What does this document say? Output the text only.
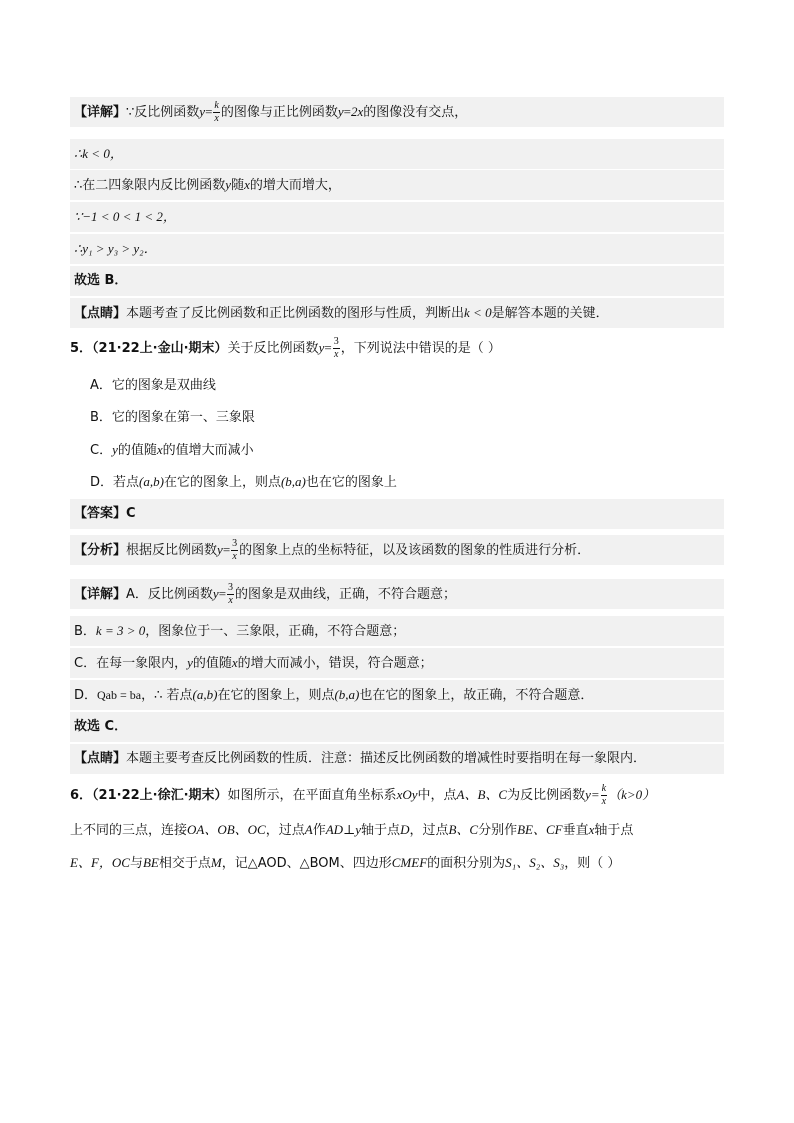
【详解】∵反比例函数$y= \frac{k}{x}$ 的图像与正比例函数y=2x的图像没有交点，
∴k < 0，
∴在二四象限内反比例函数y随x的增大而增大，
∵−1 < 0 < 1 < 2，
∴y₁ > y₃ > y₂．
故选 B．
【点睛】本题考查了反比例函数和正比例函数的图形与性质，判断出k < 0是解答本题的关键．
5．（21·22上·金山·期末）关于反比例函数$y= \frac{3}{x}$ ，下列说法中错误的是（ ）
A．它的图象是双曲线
B．它的图象在第一、三象限
C．y的值随x的值增大而减小
D．若点(a,b)在它的图象上，则点(b,a)也在它的图象上
【答案】C
【分析】根据反比例函数$y= \frac{3}{x}$ 的图象上点的坐标特征，以及该函数的图象的性质进行分析．
【详解】A．反比例函数$y= \frac{3}{x}$ 的图象是双曲线，正确，不符合题意；
B．k = 3 > 0，图象位于一、三象限，正确，不符合题意；
C．在每一象限内，y的值随x的增大而减小，错误，符合题意；
D．Qab = ba，∴ 若点(a,b)在它的图象上，则点(b,a)也在它的图象上，故正确，不符合题意．
故选 C．
【点睛】本题主要考查反比例函数的性质．注意：描述反比例函数的增减性时要指明在每一象限内．
6．（21·22上·徐汇·期末）如图所示，在平面直角坐标系xOy中，点A、B、C为反比例函数$y= \frac{k}{x} (k>0)$
上不同的三点，连接OA、OB、OC，过点A作AD⊥y轴于点D，过点B、C分别作BE、CF垂直x轴于点
E、F，OC与BE相交于点M，记△AOD、△BOM、四边形CMEF的面积分别为S₁、S₂、S₃，则（ ）
